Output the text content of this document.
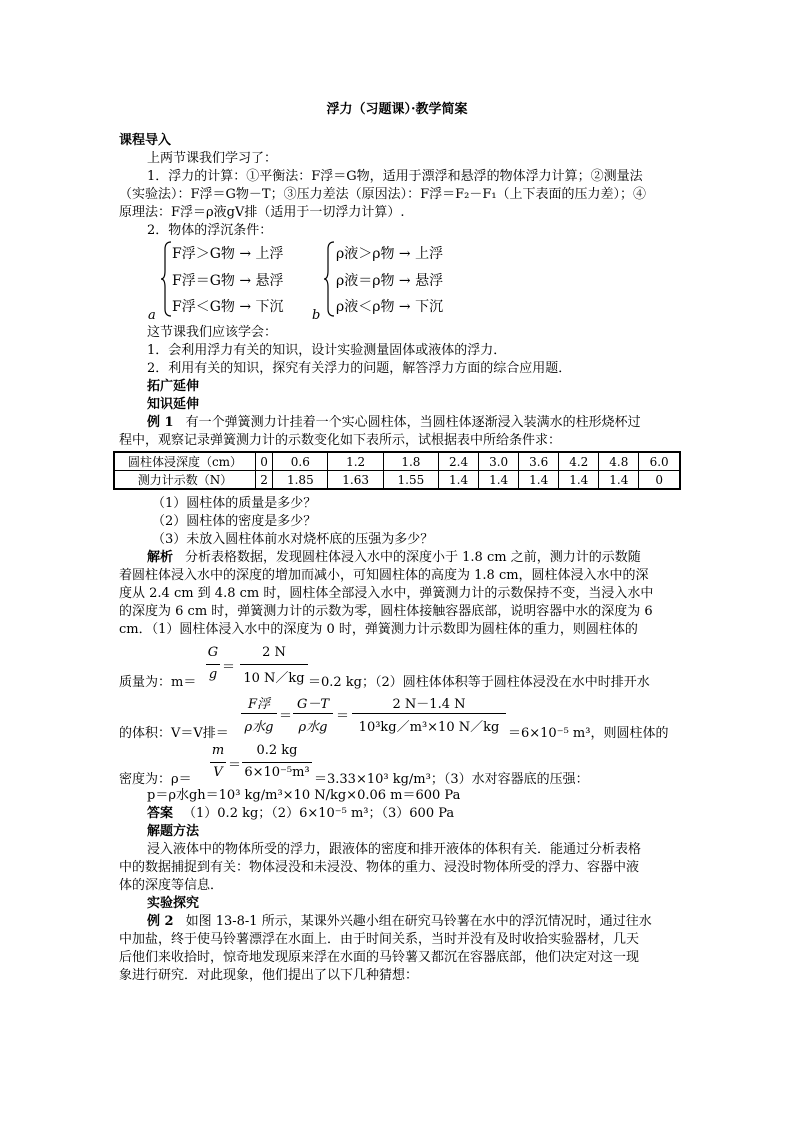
浮力（习题课）·教学简案
课程导入
上两节课我们学习了：
1．浮力的计算：①平衡法：F浮＝G物，适用于漂浮和悬浮的物体浮力计算；②测量法
（实验法）：F浮＝G物－T；③压力差法（原因法）：F浮＝F₂－F₁（上下表面的压力差）；④
原理法：F浮＝ρ液gV排（适用于一切浮力计算）.
2．物体的浮沉条件：
F浮＞G物 → 上浮
F浮＝G物 → 悬浮
F浮＜G物 → 下沉
a
ρ液＞ρ物 → 上浮
ρ液＝ρ物 → 悬浮
ρ液＜ρ物 → 下沉
b
这节课我们应该学会：
1．会利用浮力有关的知识，设计实验测量固体或液体的浮力．
2．利用有关的知识，探究有关浮力的问题，解答浮力方面的综合应用题．
拓广延伸
知识延伸
例 1 有一个弹簧测力计挂着一个实心圆柱体，当圆柱体逐渐浸入装满水的柱形烧杯过
程中，观察记录弹簧测力计的示数变化如下表所示，试根据表中所给条件求：
圆柱体浸深度（cm）	0	0.6	1.2	1.8	2.4	3.0	3.6	4.2	4.8	6.0
测力计示数（N）	2	1.85	1.63	1.55	1.4	1.4	1.4	1.4	1.4	0
（1）圆柱体的质量是多少？
（2）圆柱体的密度是多少？
（3）未放入圆柱体前水对烧杯底的压强为多少？
解析 分析表格数据，发现圆柱体浸入水中的深度小于 1.8 cm 之前，测力计的示数随
着圆柱体浸入水中的深度的增加而减小，可知圆柱体的高度为 1.8 cm，圆柱体浸入水中的深
度从 2.4 cm 到 4.8 cm 时，圆柱体全部浸入水中，弹簧测力计的示数保持不变，当浸入水中
的深度为 6 cm 时，弹簧测力计的示数为零，圆柱体接触容器底部，说明容器中水的深度为 6
cm．（1）圆柱体浸入水中的深度为 0 时，弹簧测力计示数即为圆柱体的重力，则圆柱体的
质量为：m＝
G
g ＝
2 N
10 N／kg ＝0.2 kg；（2）圆柱体体积等于圆柱体浸没在水中时排开水
的体积：V＝V排＝
F浮
ρ水g
＝
G－T
ρ水g
＝
2 N－1.4 N
10³kg／m³×10 N／kg ＝6×10⁻⁵ m³，则圆柱体的
密度为：ρ＝
m
V ＝
0.2 kg
6×10⁻⁵m³ ＝3.33×10³ kg/m³；（3）水对容器底的压强：
p＝ρ水gh＝10³ kg/m³×10 N/kg×0.06 m＝600 Pa
答案 （1）0.2 kg；（2）6×10⁻⁵ m³；（3）600 Pa
解题方法
浸入液体中的物体所受的浮力，跟液体的密度和排开液体的体积有关．能通过分析表格
中的数据捕捉到有关：物体浸没和未浸没、物体的重力、浸没时物体所受的浮力、容器中液
体的深度等信息．
实验探究
例 2 如图 13-8-1 所示，某课外兴趣小组在研究马铃薯在水中的浮沉情况时，通过往水
中加盐，终于使马铃薯漂浮在水面上．由于时间关系，当时并没有及时收拾实验器材，几天
后他们来收拾时，惊奇地发现原来浮在水面的马铃薯又都沉在容器底部，他们决定对这一现
象进行研究．对此现象，他们提出了以下几种猜想：
